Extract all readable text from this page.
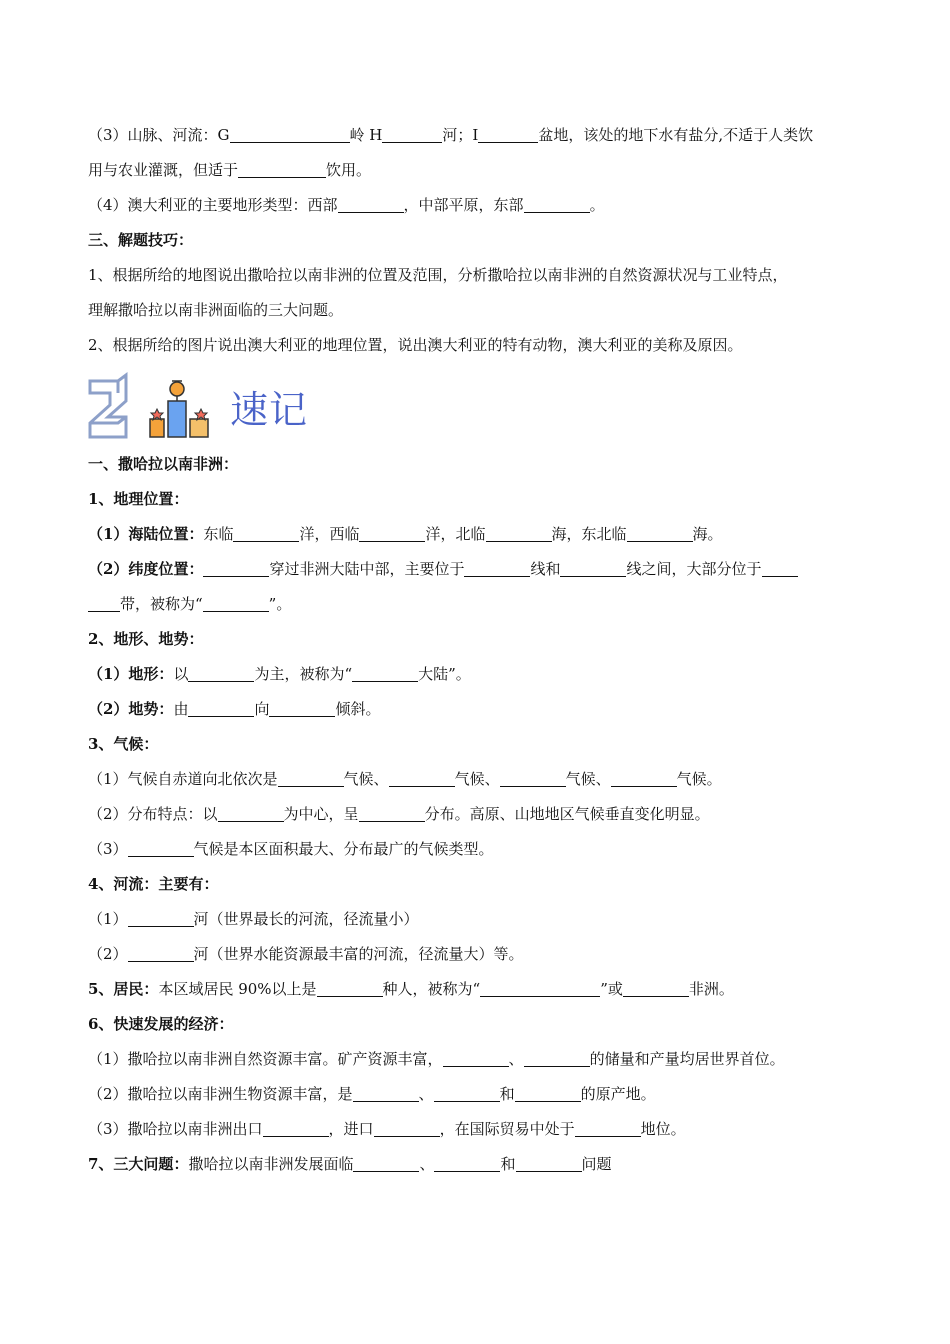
（3）山脉、河流：G	岭 H	河；I	盆地，该处的地下水有盐分,不适于人类饮
用与农业灌溉，但适于	饮用。
（4）澳大利亚的主要地形类型：西部	，中部平原，东部	。
三、解题技巧：
1、根据所给的地图说出撒哈拉以南非洲的位置及范围，分析撒哈拉以南非洲的自然资源状况与工业特点，
理解撒哈拉以南非洲面临的三大问题。
2、根据所给的图片说出澳大利亚的地理位置，说出澳大利亚的特有动物，澳大利亚的美称及原因。
速记
一、撒哈拉以南非洲：
1、地理位置：
（1）海陆位置：东临	洋，西临	洋，北临	海，东北临	海。
（2）纬度位置：	穿过非洲大陆中部，主要位于	线和	线之间，大部分位于
带，被称为“	”。
2、地形、地势：
（1）地形：以	为主，被称为“	大陆”。
（2）地势：由	向	倾斜。
3、气候：
（1）气候自赤道向北依次是	气候、	气候、	气候、	气候。
（2）分布特点：以	为中心，呈	分布。高原、山地地区气候垂直变化明显。
（3）	气候是本区面积最大、分布最广的气候类型。
4、河流：主要有：
（1）	河（世界最长的河流，径流量小）
（2）	河（世界水能资源最丰富的河流，径流量大）等。
5、居民：本区域居民 90%以上是	种人，被称为“	”或	非洲。
6、快速发展的经济：
（1）撒哈拉以南非洲自然资源丰富。矿产资源丰富，	、	的储量和产量均居世界首位。
（2）撒哈拉以南非洲生物资源丰富，是	、	和	的原产地。
（3）撒哈拉以南非洲出口	，进口	，在国际贸易中处于	地位。
7、三大问题：撒哈拉以南非洲发展面临	、	和	问题
